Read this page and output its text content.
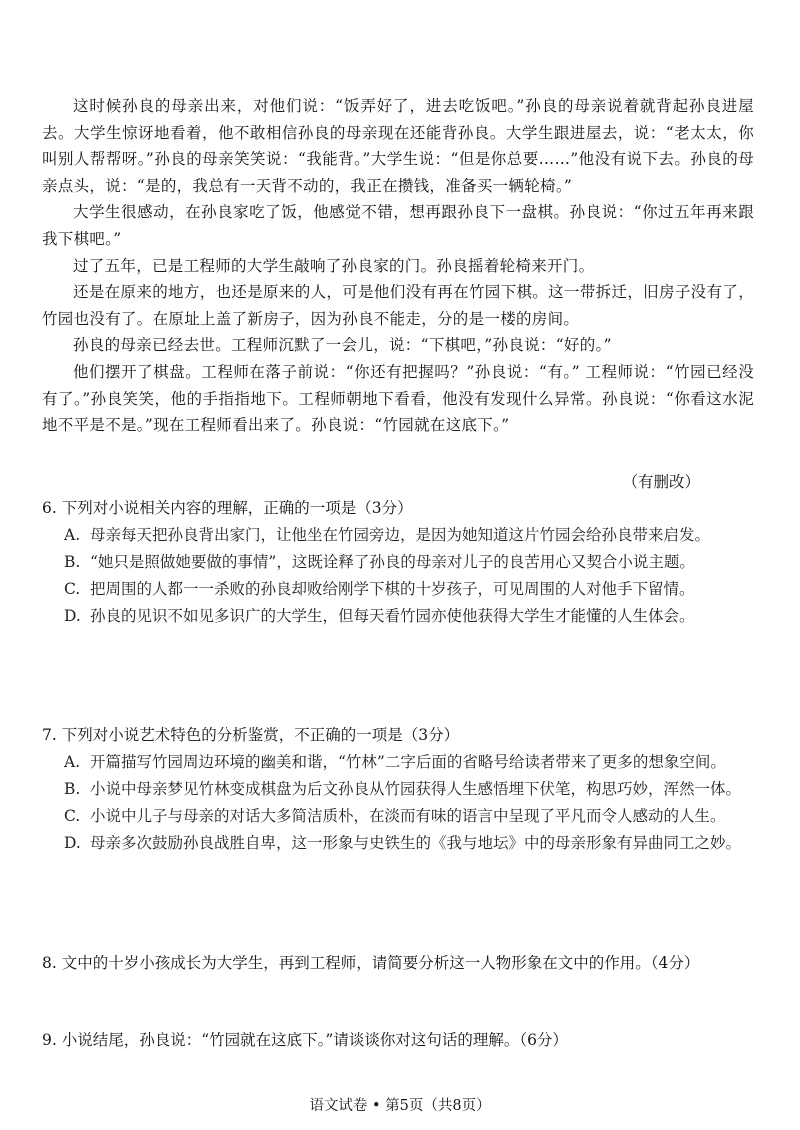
这时候孙良的母亲出来，对他们说：“饭弄好了，进去吃饭吧。”孙良的母亲说着就背起孙良进屋去。大学生惊讶地看着，他不敢相信孙良的母亲现在还能背孙良。大学生跟进屋去，说：“老太太，你叫别人帮帮呀。”孙良的母亲笑笑说：“我能背。”大学生说：“但是你总要……”他没有说下去。孙良的母亲点头，说：“是的，我总有一天背不动的，我正在攒钱，准备买一辆轮椅。”

大学生很感动，在孙良家吃了饭，他感觉不错，想再跟孙良下一盘棋。孙良说：“你过五年再来跟我下棋吧。”

过了五年，已是工程师的大学生敲响了孙良家的门。孙良摇着轮椅来开门。

还是在原来的地方，也还是原来的人，可是他们没有再在竹园下棋。这一带拆迁，旧房子没有了，竹园也没有了。在原址上盖了新房子，因为孙良不能走，分的是一楼的房间。

孙良的母亲已经去世。工程师沉默了一会儿，说：“下棋吧，”孙良说：“好的。”

他们摆开了棋盘。工程师在落子前说：“你还有把握吗？”孙良说：“有。” 工程师说：“竹园已经没有了。”孙良笑笑，他的手指指地下。工程师朝地下看看，他没有发现什么异常。孙良说：“你看这水泥地不平是不是。”现在工程师看出来了。孙良说：“竹园就在这底下。”

（有删改）

6. 下列对小说相关内容的理解，正确的一项是（3分）

A. 母亲每天把孙良背出家门，让他坐在竹园旁边，是因为她知道这片竹园会给孙良带来启发。

B. “她只是照做她要做的事情”，这既诠释了孙良的母亲对儿子的良苦用心又契合小说主题。

C. 把周围的人都一一杀败的孙良却败给刚学下棋的十岁孩子，可见周围的人对他手下留情。

D. 孙良的见识不如见多识广的大学生，但每天看竹园亦使他获得大学生才能懂的人生体会。

7. 下列对小说艺术特色的分析鉴赏，不正确的一项是（3分）

A. 开篇描写竹园周边环境的幽美和谐，“竹林”二字后面的省略号给读者带来了更多的想象空间。

B. 小说中母亲梦见竹林变成棋盘为后文孙良从竹园获得人生感悟埋下伏笔，构思巧妙，浑然一体。

C. 小说中儿子与母亲的对话大多简洁质朴，在淡而有味的语言中呈现了平凡而令人感动的人生。

D. 母亲多次鼓励孙良战胜自卑，这一形象与史铁生的《我与地坛》中的母亲形象有异曲同工之妙。

8. 文中的十岁小孩成长为大学生，再到工程师，请简要分析这一人物形象在文中的作用。（4分）

9. 小说结尾，孙良说：“竹园就在这底下。”请谈谈你对这句话的理解。（6分）

语文试卷 • 第5页（共8页）
